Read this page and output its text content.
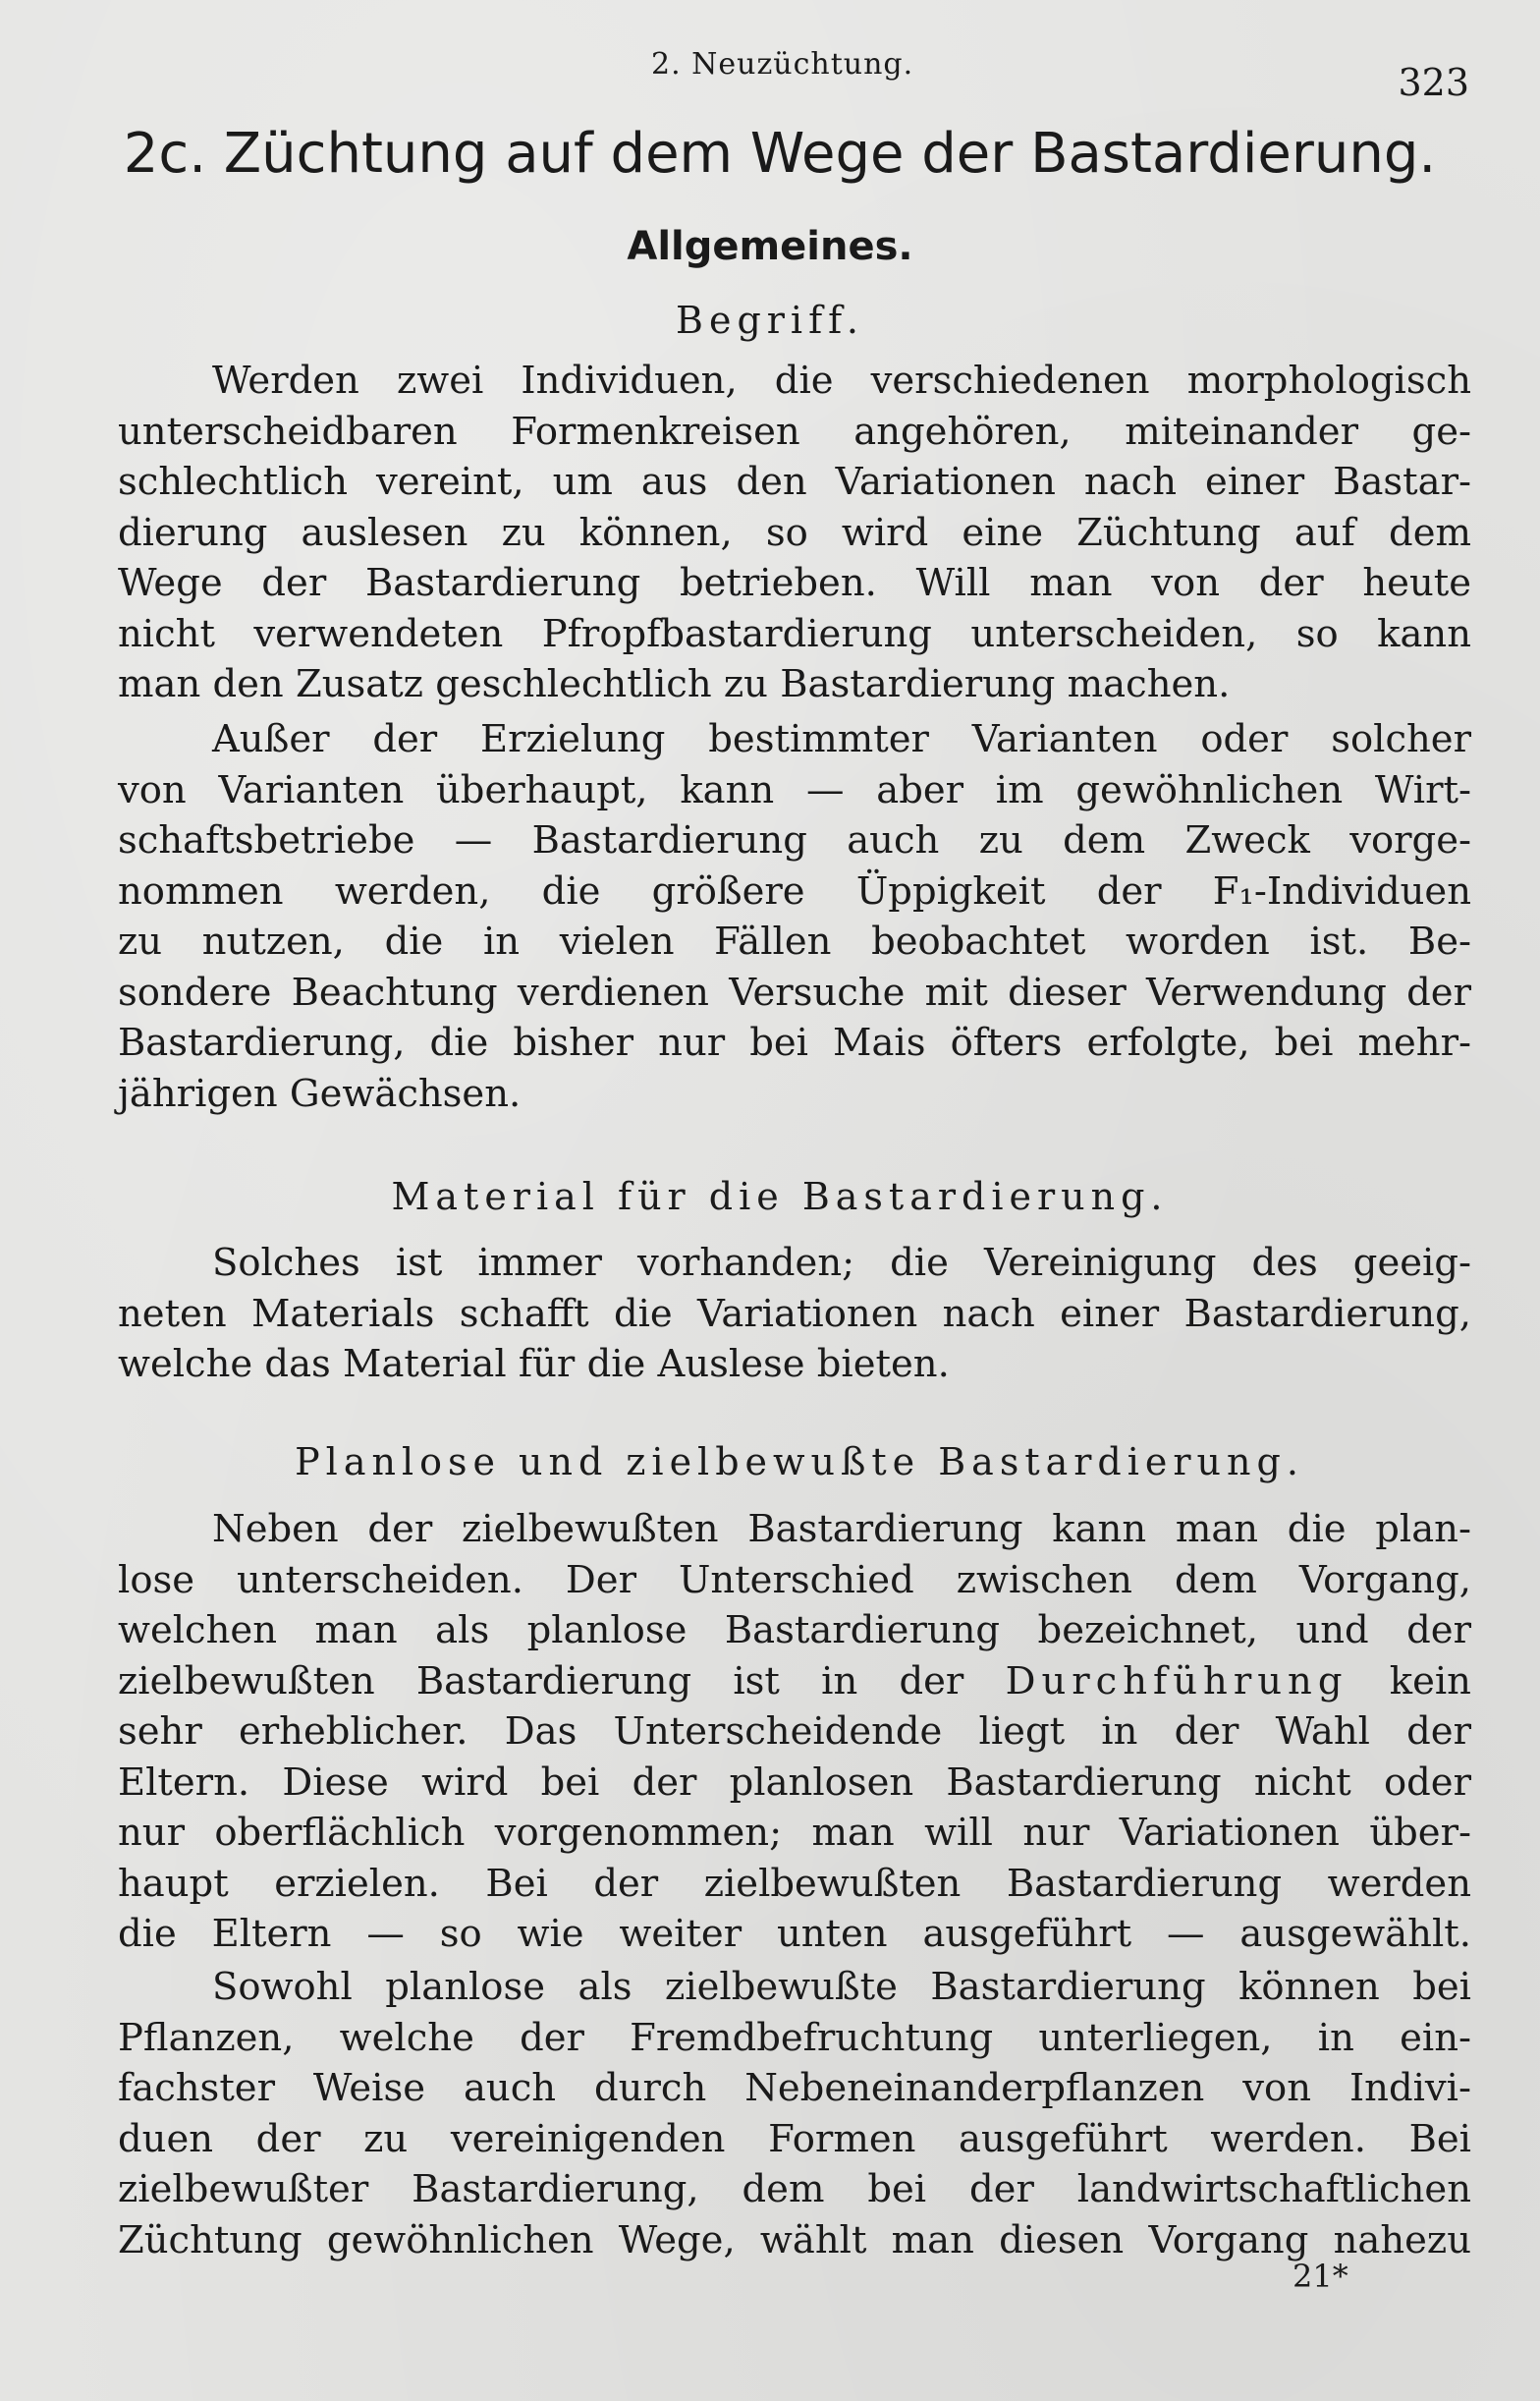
2. Neuzüchtung.	323
2c. Züchtung auf dem Wege der Bastardierung.
Allgemeines.
Begriff.
Werden zwei Individuen, die verschiedenen morphologisch
unterscheidbaren Formenkreisen angehören, miteinander ge-
schlechtlich vereint, um aus den Variationen nach einer Bastar-
dierung auslesen zu können, so wird eine Züchtung auf dem
Wege der Bastardierung betrieben. Will man von der heute
nicht verwendeten Pfropfbastardierung unterscheiden, so kann
man den Zusatz geschlechtlich zu Bastardierung machen.
Außer der Erzielung bestimmter Varianten oder solcher
von Varianten überhaupt, kann — aber im gewöhnlichen Wirt-
schaftsbetriebe — Bastardierung auch zu dem Zweck vorge-
nommen werden, die größere Üppigkeit der F₁-Individuen
zu nutzen, die in vielen Fällen beobachtet worden ist. Be-
sondere Beachtung verdienen Versuche mit dieser Verwendung der
Bastardierung, die bisher nur bei Mais öfters erfolgte, bei mehr-
jährigen Gewächsen.
Material für die Bastardierung.
Solches ist immer vorhanden; die Vereinigung des geeig-
neten Materials schafft die Variationen nach einer Bastardierung,
welche das Material für die Auslese bieten.
Planlose und zielbewußte Bastardierung.
Neben der zielbewußten Bastardierung kann man die plan-
lose unterscheiden. Der Unterschied zwischen dem Vorgang,
welchen man als planlose Bastardierung bezeichnet, und der
zielbewußten Bastardierung ist in der Durchführung kein
sehr erheblicher. Das Unterscheidende liegt in der Wahl der
Eltern. Diese wird bei der planlosen Bastardierung nicht oder
nur oberflächlich vorgenommen; man will nur Variationen über-
haupt erzielen. Bei der zielbewußten Bastardierung werden
die Eltern — so wie weiter unten ausgeführt — ausgewählt.
Sowohl planlose als zielbewußte Bastardierung können bei
Pflanzen, welche der Fremdbefruchtung unterliegen, in ein-
fachster Weise auch durch Nebeneinanderpflanzen von Indivi-
duen der zu vereinigenden Formen ausgeführt werden. Bei
zielbewußter Bastardierung, dem bei der landwirtschaftlichen
Züchtung gewöhnlichen Wege, wählt man diesen Vorgang nahezu
21*
